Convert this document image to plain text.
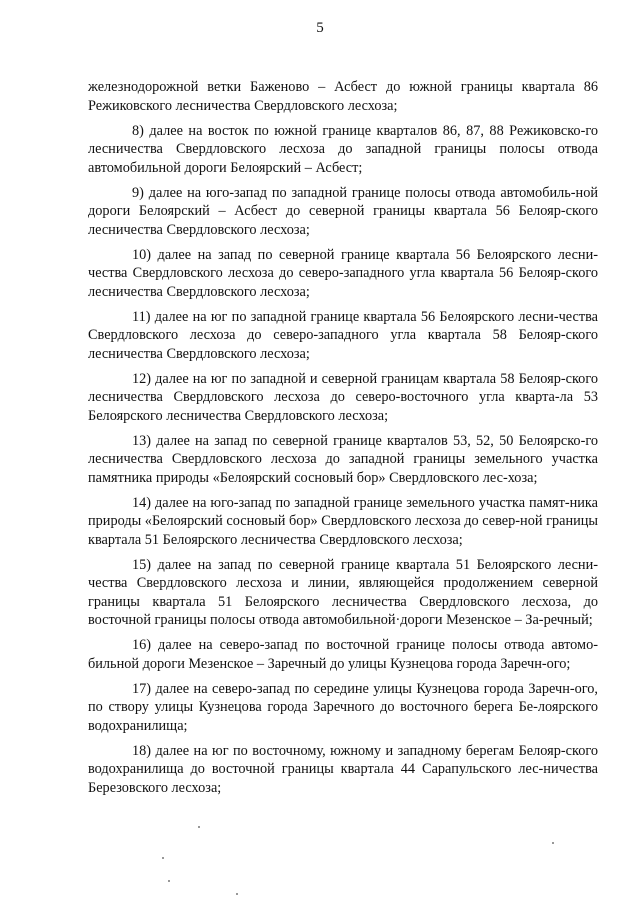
5

железнодорожной ветки Баженово – Асбест до южной границы квартала 86 Режиковского лесничества Свердловского лесхоза;

8) далее на восток по южной границе кварталов 86, 87, 88 Режиковско-го лесничества Свердловского лесхоза до западной границы полосы отвода автомобильной дороги Белоярский – Асбест;

9) далее на юго-запад по западной границе полосы отвода автомобиль-ной дороги Белоярский – Асбест до северной границы квартала 56 Белояр-ского лесничества Свердловского лесхоза;

10) далее на запад по северной границе квартала 56 Белоярского лесни-чества Свердловского лесхоза до северо-западного угла квартала 56 Белояр-ского лесничества Свердловского лесхоза;

11) далее на юг по западной границе квартала 56 Белоярского лесни-чества Свердловского лесхоза до северо-западного угла квартала 58 Белояр-ского лесничества Свердловского лесхоза;

12) далее на юг по западной и северной границам квартала 58 Белояр-ского лесничества Свердловского лесхоза до северо-восточного угла кварта-ла 53 Белоярского лесничества Свердловского лесхоза;

13) далее на запад по северной границе кварталов 53, 52, 50 Белоярско-го лесничества Свердловского лесхоза до западной границы земельного участка памятника природы «Белоярский сосновый бор» Свердловского лес-хоза;

14) далее на юго-запад по западной границе земельного участка памят-ника природы «Белоярский сосновый бор» Свердловского лесхоза до север-ной границы квартала 51 Белоярского лесничества Свердловского лесхоза;

15) далее на запад по северной границе квартала 51 Белоярского лесни-чества Свердловского лесхоза и линии, являющейся продолжением северной границы квартала 51 Белоярского лесничества Свердловского лесхоза, до восточной границы полосы отвода автомобильной·дороги Мезенское – За-речный;

16) далее на северо-запад по восточной границе полосы отвода автомо-бильной дороги Мезенское – Заречный до улицы Кузнецова города Заречн-ого;

17) далее на северо-запад по середине улицы Кузнецова города Заречн-ого, по створу улицы Кузнецова города Заречного до восточного берега Бе-лоярского водохранилища;

18) далее на юг по восточному, южному и западному берегам Белояр-ского водохранилища до восточной границы квартала 44 Сарапульского лес-ничества Березовского лесхоза;
